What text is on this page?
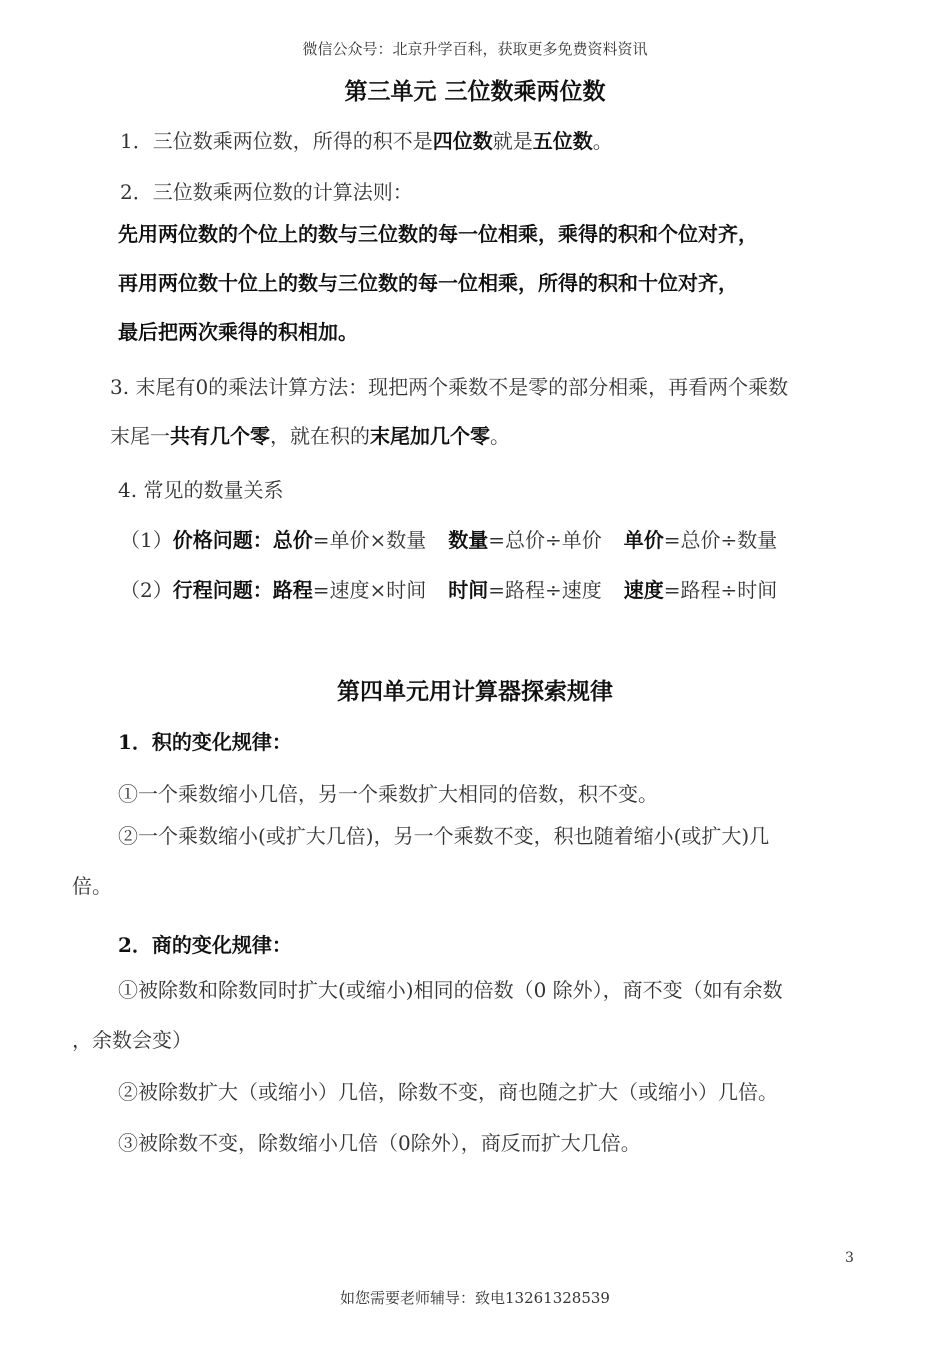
微信公众号：北京升学百科，获取更多免费资料资讯
第三单元 三位数乘两位数
1．三位数乘两位数，所得的积不是四位数就是五位数。
2．三位数乘两位数的计算法则：
先用两位数的个位上的数与三位数的每一位相乘，乘得的积和个位对齐，
再用两位数十位上的数与三位数的每一位相乘，所得的积和十位对齐，
最后把两次乘得的积相加。
3. 末尾有0的乘法计算方法：现把两个乘数不是零的部分相乘，再看两个乘数
末尾一共有几个零，就在积的末尾加几个零。
4. 常见的数量关系
（1）价格问题：总价=单价×数量 数量=总价÷单价 单价=总价÷数量
（2）行程问题：路程=速度×时间 时间=路程÷速度 速度=路程÷时间
第四单元用计算器探索规律
1．积的变化规律：
①一个乘数缩小几倍，另一个乘数扩大相同的倍数，积不变。
②一个乘数缩小(或扩大几倍)，另一个乘数不变，积也随着缩小(或扩大)几
倍。
2．商的变化规律：
①被除数和除数同时扩大(或缩小)相同的倍数（0 除外），商不变（如有余数
，余数会变）
②被除数扩大（或缩小）几倍，除数不变，商也随之扩大（或缩小）几倍。
③被除数不变，除数缩小几倍（0除外），商反而扩大几倍。
3
如您需要老师辅导：致电13261328539
